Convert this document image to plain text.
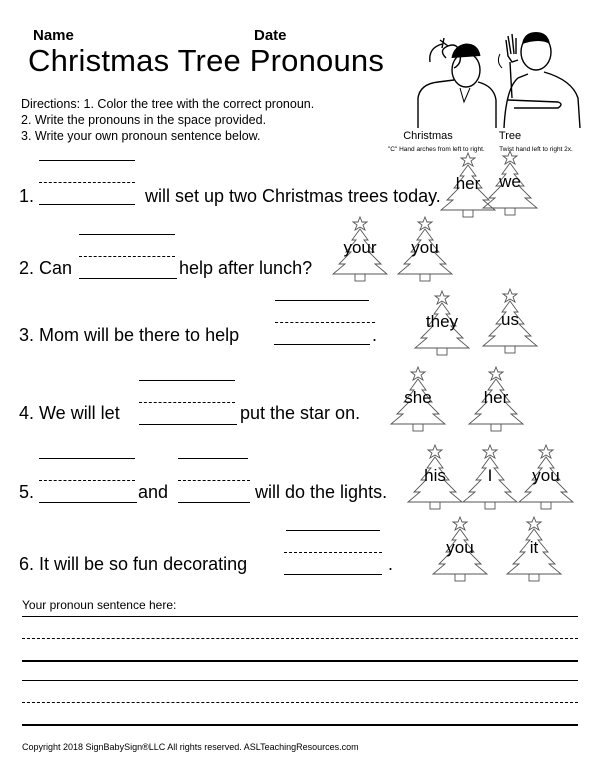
Name	Date
Christmas Tree Pronouns
Directions: 1. Color the tree with the correct pronoun.
2. Write the pronouns in the space provided.
3. Write your own pronoun sentence below.	Christmas
"C" Hand arches from left to right.
Tree
Twist hand left to right 2x.
1.	will set up two Christmas trees today.
her	we
2. Can	help after lunch?
your	you
3. Mom will be there to help	.
they	us
4. We will let	put the star on.
she	her
5.	and	will do the lights.
his	I	you
6. It will be so fun decorating	.
you	it
Your pronoun sentence here:
Copyright 2018 SignBabySign®LLC All rights reserved. ASLTeachingResources.com
